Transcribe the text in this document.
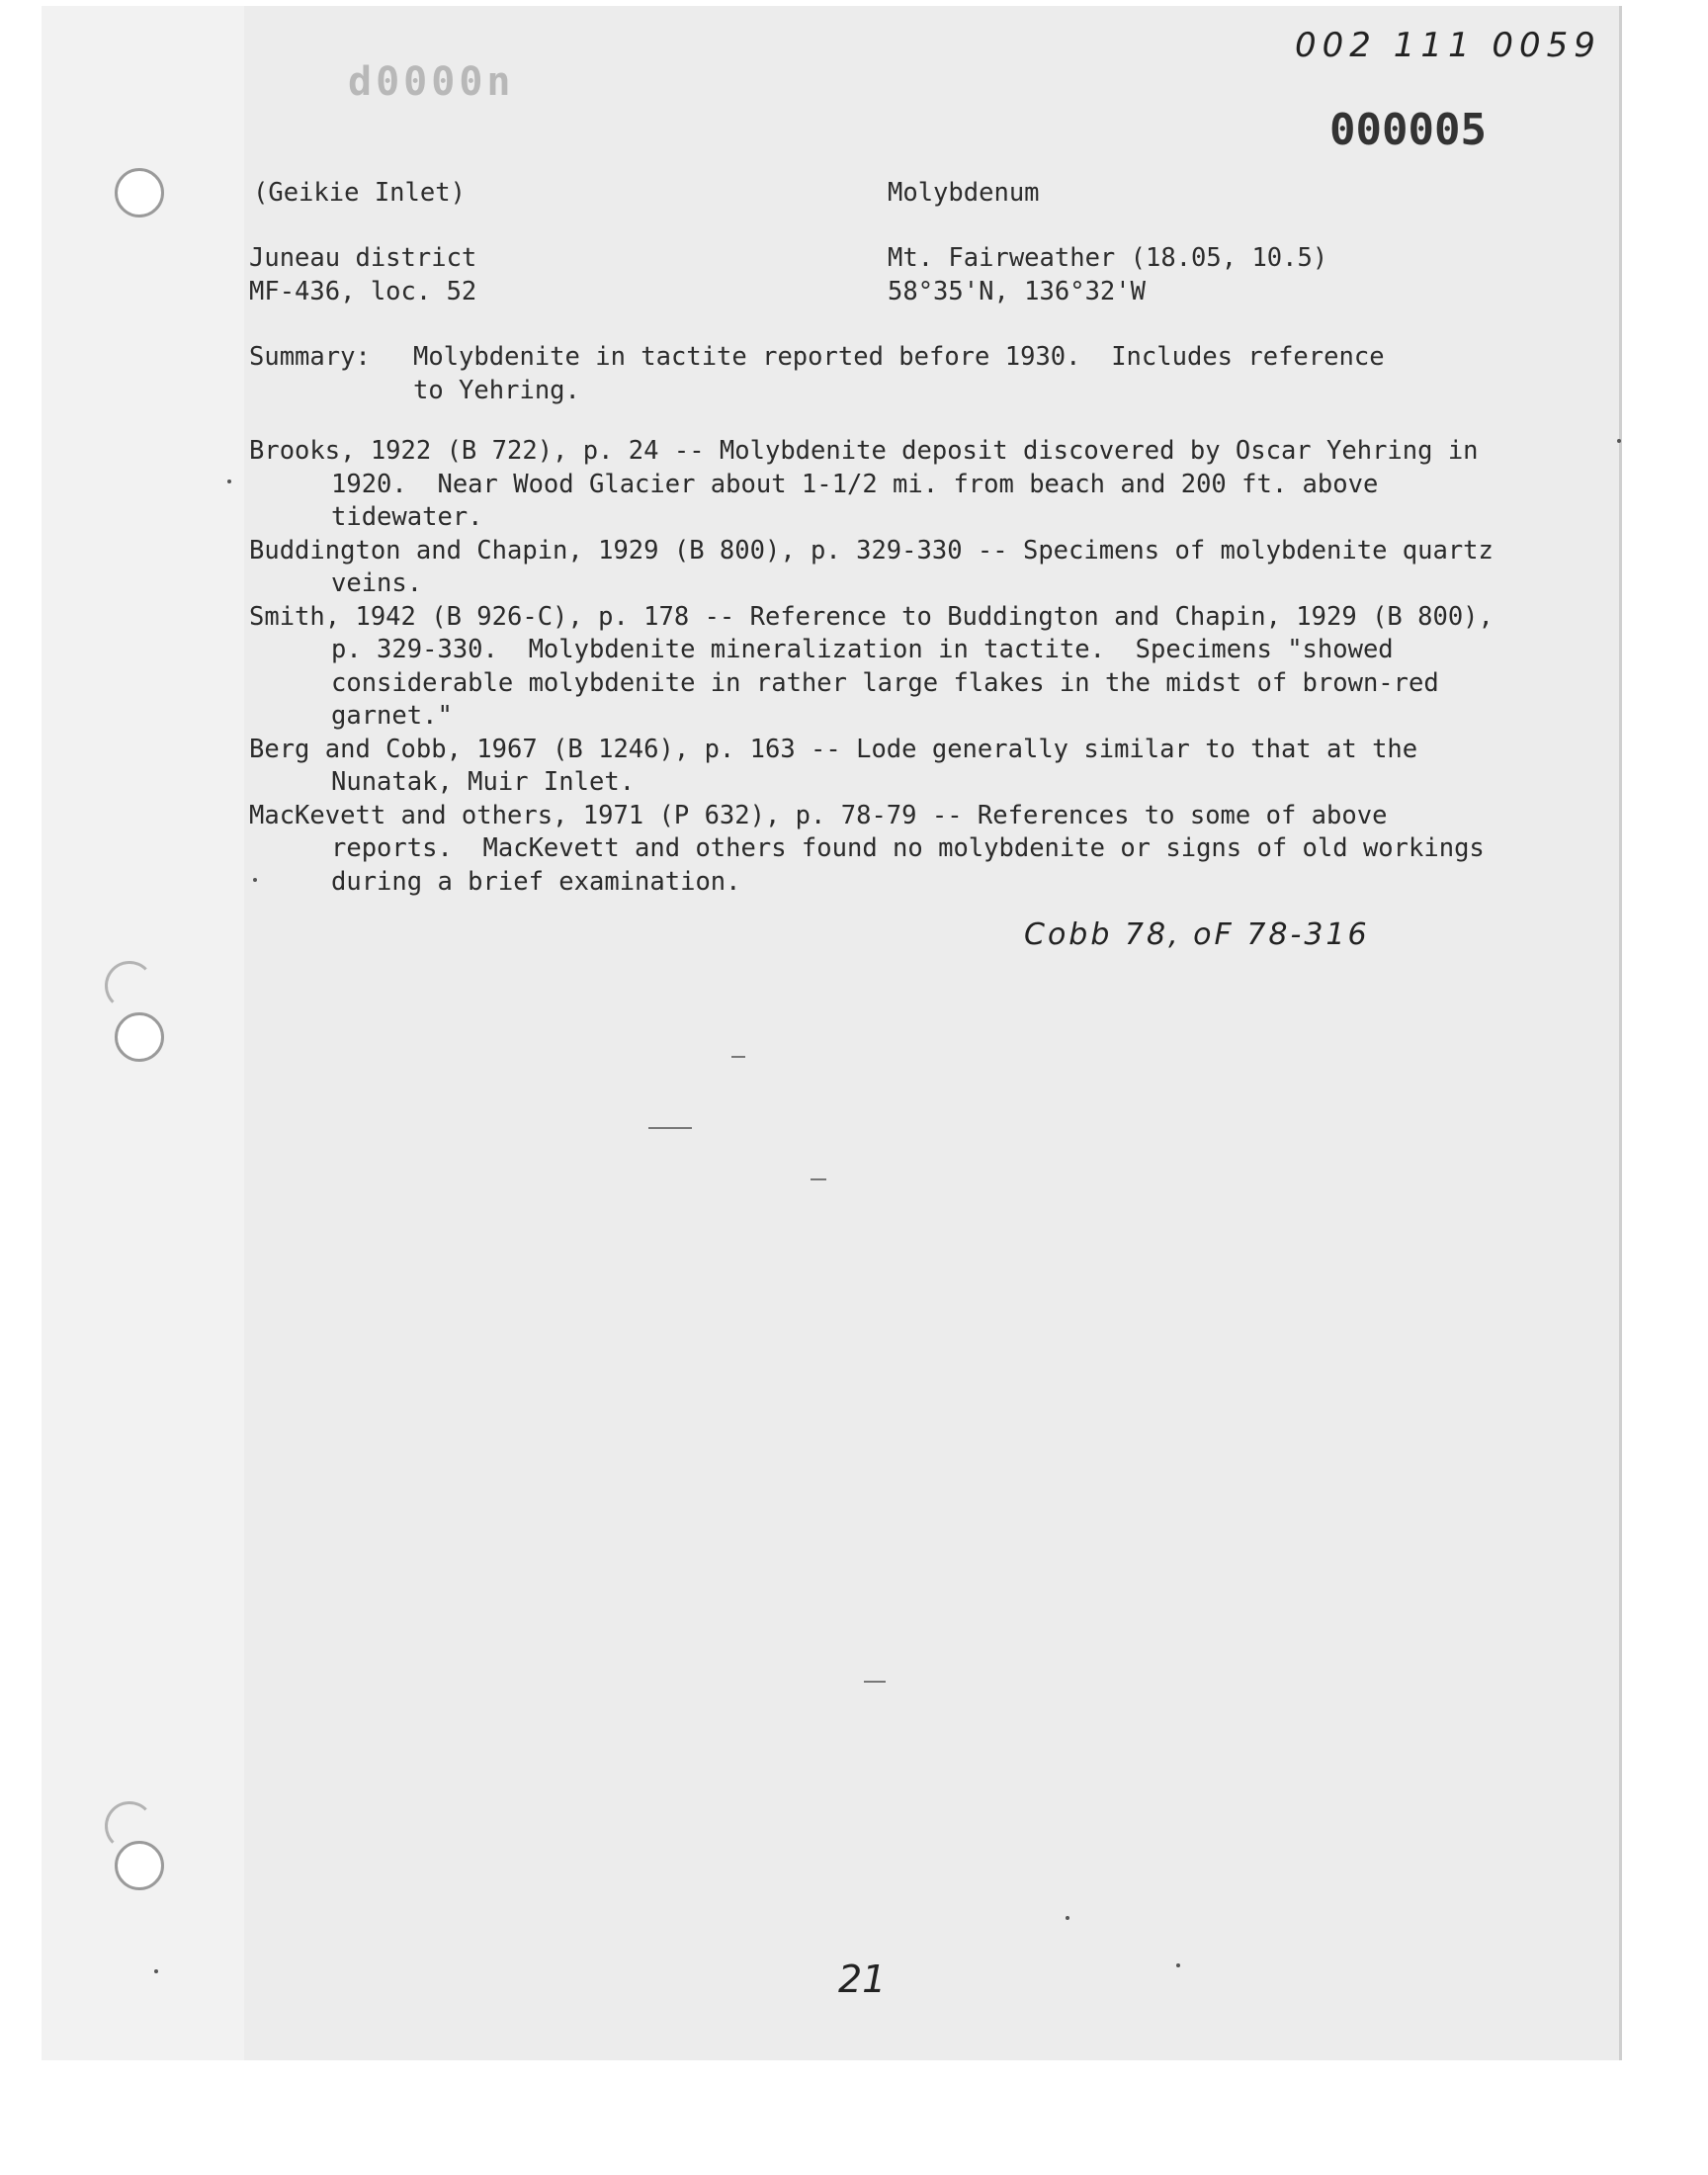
002 111 0059
d0000n
000005
(Geikie Inlet)	Molybdenum
Juneau district	Mt. Fairweather (18.05, 10.5)
MF-436, loc. 52	58°35'N, 136°32'W
Summary: Molybdenite in tactite reported before 1930.  Includes reference
to Yehring.

Brooks, 1922 (B 722), p. 24 -- Molybdenite deposit discovered by Oscar Yehring in 1920.  Near Wood Glacier about 1-1/2 mi. from beach and 200 ft. above tidewater.

Buddington and Chapin, 1929 (B 800), p. 329-330 -- Specimens of molybdenite quartz veins.

Smith, 1942 (B 926-C), p. 178 -- Reference to Buddington and Chapin, 1929 (B 800), p. 329-330.  Molybdenite mineralization in tactite.  Specimens "showed considerable molybdenite in rather large flakes in the midst of brown-red garnet."

Berg and Cobb, 1967 (B 1246), p. 163 -- Lode generally similar to that at the Nunatak, Muir Inlet.

MacKevett and others, 1971 (P 632), p. 78-79 -- References to some of above reports.  MacKevett and others found no molybdenite or signs of old workings during a brief examination.

Cobb 78, oF 78-316
21
